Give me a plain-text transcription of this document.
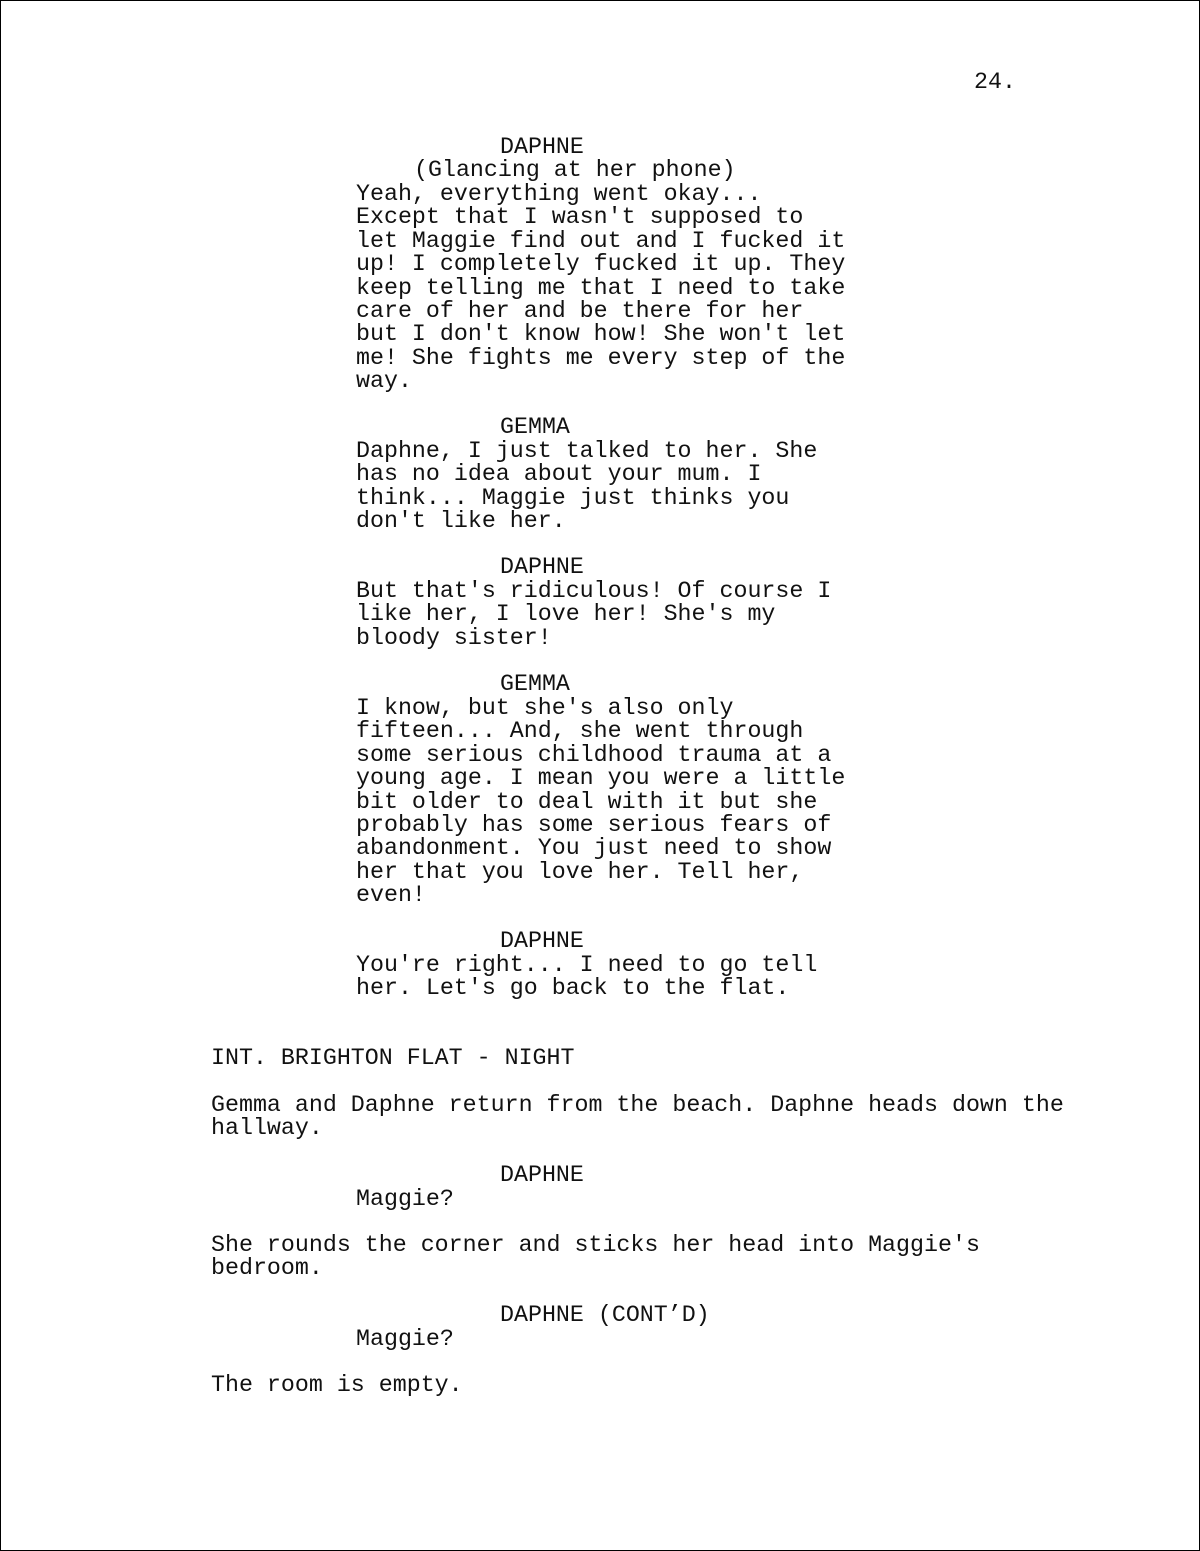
24.

DAPHNE

(Glancing at her phone)

Yeah, everything went okay...
Except that I wasn't supposed to
let Maggie find out and I fucked it
up! I completely fucked it up. They
keep telling me that I need to take
care of her and be there for her
but I don't know how! She won't let
me! She fights me every step of the
way.

GEMMA

Daphne, I just talked to her. She
has no idea about your mum. I
think... Maggie just thinks you
don't like her.

DAPHNE

But that's ridiculous! Of course I
like her, I love her! She's my
bloody sister!

GEMMA

I know, but she's also only
fifteen... And, she went through
some serious childhood trauma at a
young age. I mean you were a little
bit older to deal with it but she
probably has some serious fears of
abandonment. You just need to show
her that you love her. Tell her,
even!

DAPHNE

You're right... I need to go tell
her. Let's go back to the flat.

INT. BRIGHTON FLAT - NIGHT

Gemma and Daphne return from the beach. Daphne heads down the
hallway.

DAPHNE

Maggie?
She rounds the corner and sticks her head into Maggie's
bedroom.

DAPHNE (CONT’D)

Maggie?
The room is empty.
